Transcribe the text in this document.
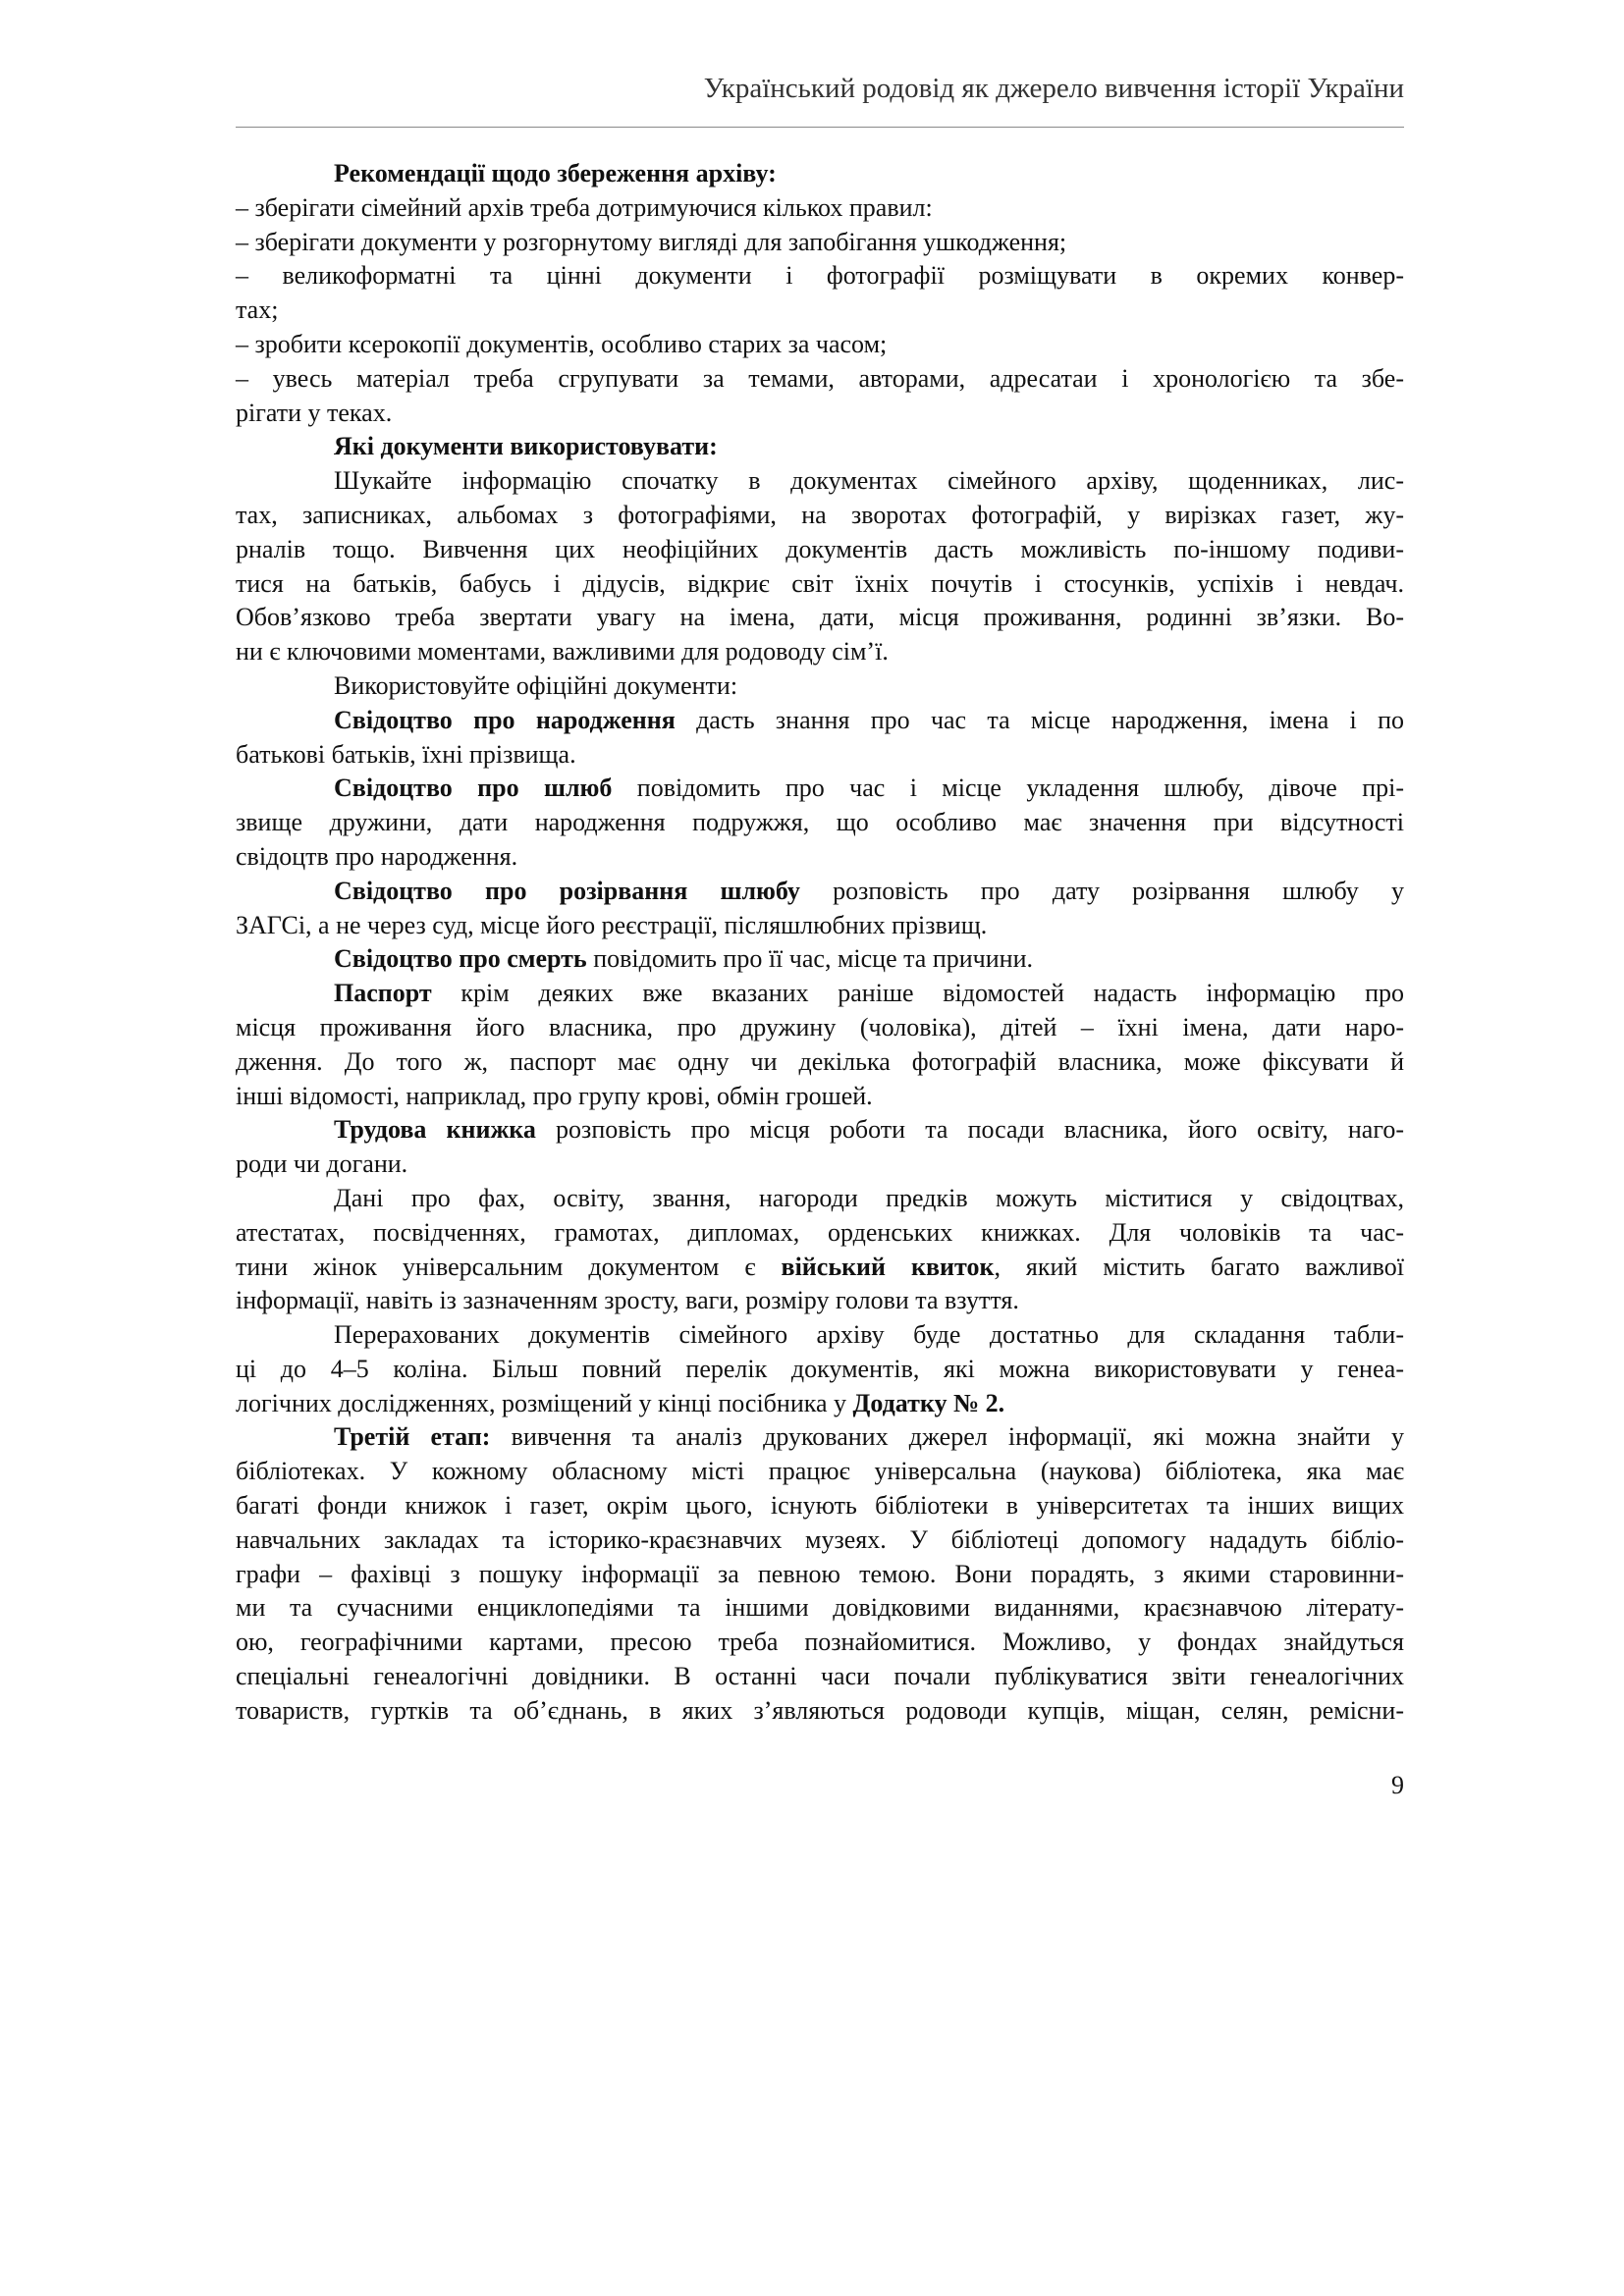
Український родовід як джерело вивчення історії України
Рекомендації щодо збереження архіву:
– зберігати сімейний архів треба дотримуючися кількох правил:
– зберігати документи у розгорнутому вигляді для запобігання ушкодження;
– великоформатні та цінні документи і фотографії розміщувати в окремих конвер-
тах;
– зробити ксерокопії документів, особливо старих за часом;
– увесь матеріал треба сгрупувати за темами, авторами, адресатаи і хронологією та збе-
рігати у теках.
Які документи використовувати:
Шукайте інформацію спочатку в документах сімейного архіву, щоденниках, лис-
тах, записниках, альбомах з фотографіями, на зворотах фотографій, у вирізках газет, жу-
рналів тощо. Вивчення цих неофіційних документів дасть можливість по-іншому подиви-
тися на батьків, бабусь і дідусів, відкриє світ їхніх почутів і стосунків, успіхів і невдач.
Обов’язково треба звертати увагу на імена, дати, місця проживання, родинні зв’язки. Во-
ни є ключовими моментами, важливими для родоводу сім’ї.
Використовуйте офіційні документи:
Свідоцтво про народження дасть знання про час та місце народження, імена і по
батькові батьків, їхні прізвища.
Свідоцтво про шлюб повідомить про час і місце укладення шлюбу, дівоче прі-
звище дружини, дати народження подружжя, що особливо має значення при відсутності
свідоцтв про народження.
Свідоцтво про розірвання шлюбу розповість про дату розірвання шлюбу у
ЗАГСі, а не через суд, місце його реєстрації, післяшлюбних прізвищ.
Свідоцтво про смерть повідомить про її час, місце та причини.
Паспорт крім деяких вже вказаних раніше відомостей надасть інформацію про
місця проживання його власника, про дружину (чоловіка), дітей – їхні імена, дати наро-
дження. До того ж, паспорт має одну чи декілька фотографій власника, може фіксувати й
інші відомості, наприклад, про групу крові, обмін грошей.
Трудова книжка розповість про місця роботи та посади власника, його освіту, наго-
роди чи догани.
Дані про фах, освіту, звання, нагороди предків можуть міститися у свідоцтвах,
атестатах, посвідченнях, грамотах, дипломах, орденських книжках. Для чоловіків та час-
тини жінок універсальним документом є війський квиток, який містить багато важливої
інформації, навіть із зазначенням зросту, ваги, розміру голови та взуття.
Перерахованих документів сімейного архіву буде достатньо для складання табли-
ці до 4–5 коліна. Більш повний перелік документів, які можна використовувати у генеа-
логічних дослідженнях, розміщений у кінці посібника у Додатку № 2.
Третій етап: вивчення та аналіз друкованих джерел інформації, які можна знайти у
бібліотеках. У кожному обласному місті працює універсальна (наукова) бібліотека, яка має
багаті фонди книжок і газет, окрім цього, існують бібліотеки в університетах та інших вищих
навчальних закладах та історико-краєзнавчих музеях. У бібліотеці допомогу нададуть бібліо-
графи – фахівці з пошуку інформації за певною темою. Вони порадять, з якими старовинни-
ми та сучасними енциклопедіями та іншими довідковими виданнями, краєзнавчою літерату-
ою, географічними картами, пресою треба познайомитися. Можливо, у фондах знайдуться
спеціальні генеалогічні довідники. В останні часи почали публікуватися звіти генеалогічних
товариств, гуртків та об’єднань, в яких з’являються родоводи купців, міщан, селян, ремісни-
9
